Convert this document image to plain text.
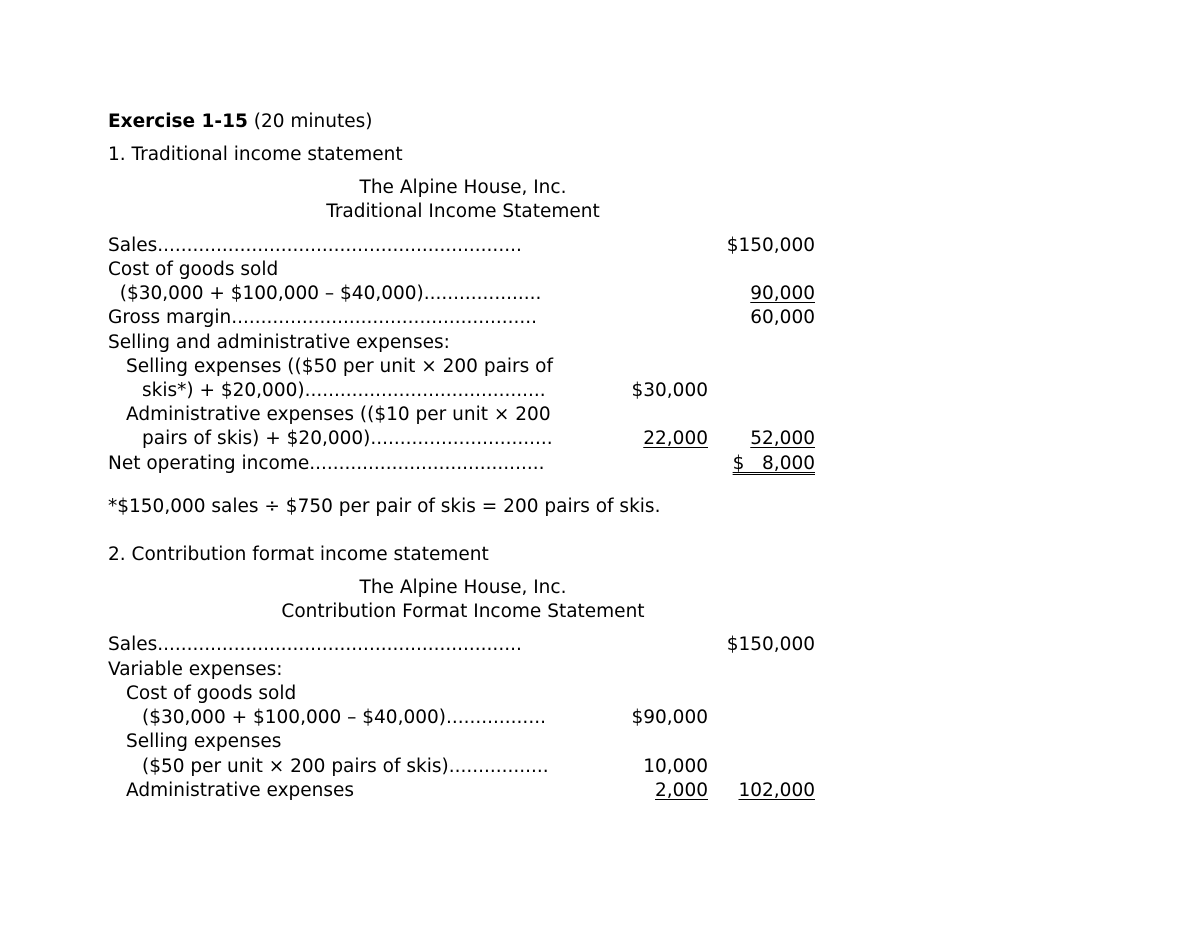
Exercise 1-15 (20 minutes)
1. Traditional income statement
The Alpine House, Inc.
Traditional Income Statement
Sales..............................................................	$150,000
Cost of goods sold
($30,000 + $100,000 – $40,000)....................	90,000
Gross margin....................................................	60,000
Selling and administrative expenses:
Selling expenses (($50 per unit × 200 pairs of
skis*) + $20,000).........................................	$30,000
Administrative expenses (($10 per unit × 200
pairs of skis) + $20,000)...............................	22,000	52,000
Net operating income........................................	$   8,000
*$150,000 sales ÷ $750 per pair of skis = 200 pairs of skis.
2. Contribution format income statement
The Alpine House, Inc.
Contribution Format Income Statement
Sales..............................................................	$150,000
Variable expenses:
Cost of goods sold
($30,000 + $100,000 – $40,000).................	$90,000
Selling expenses
($50 per unit × 200 pairs of skis).................	10,000
Administrative expenses	2,000	102,000
